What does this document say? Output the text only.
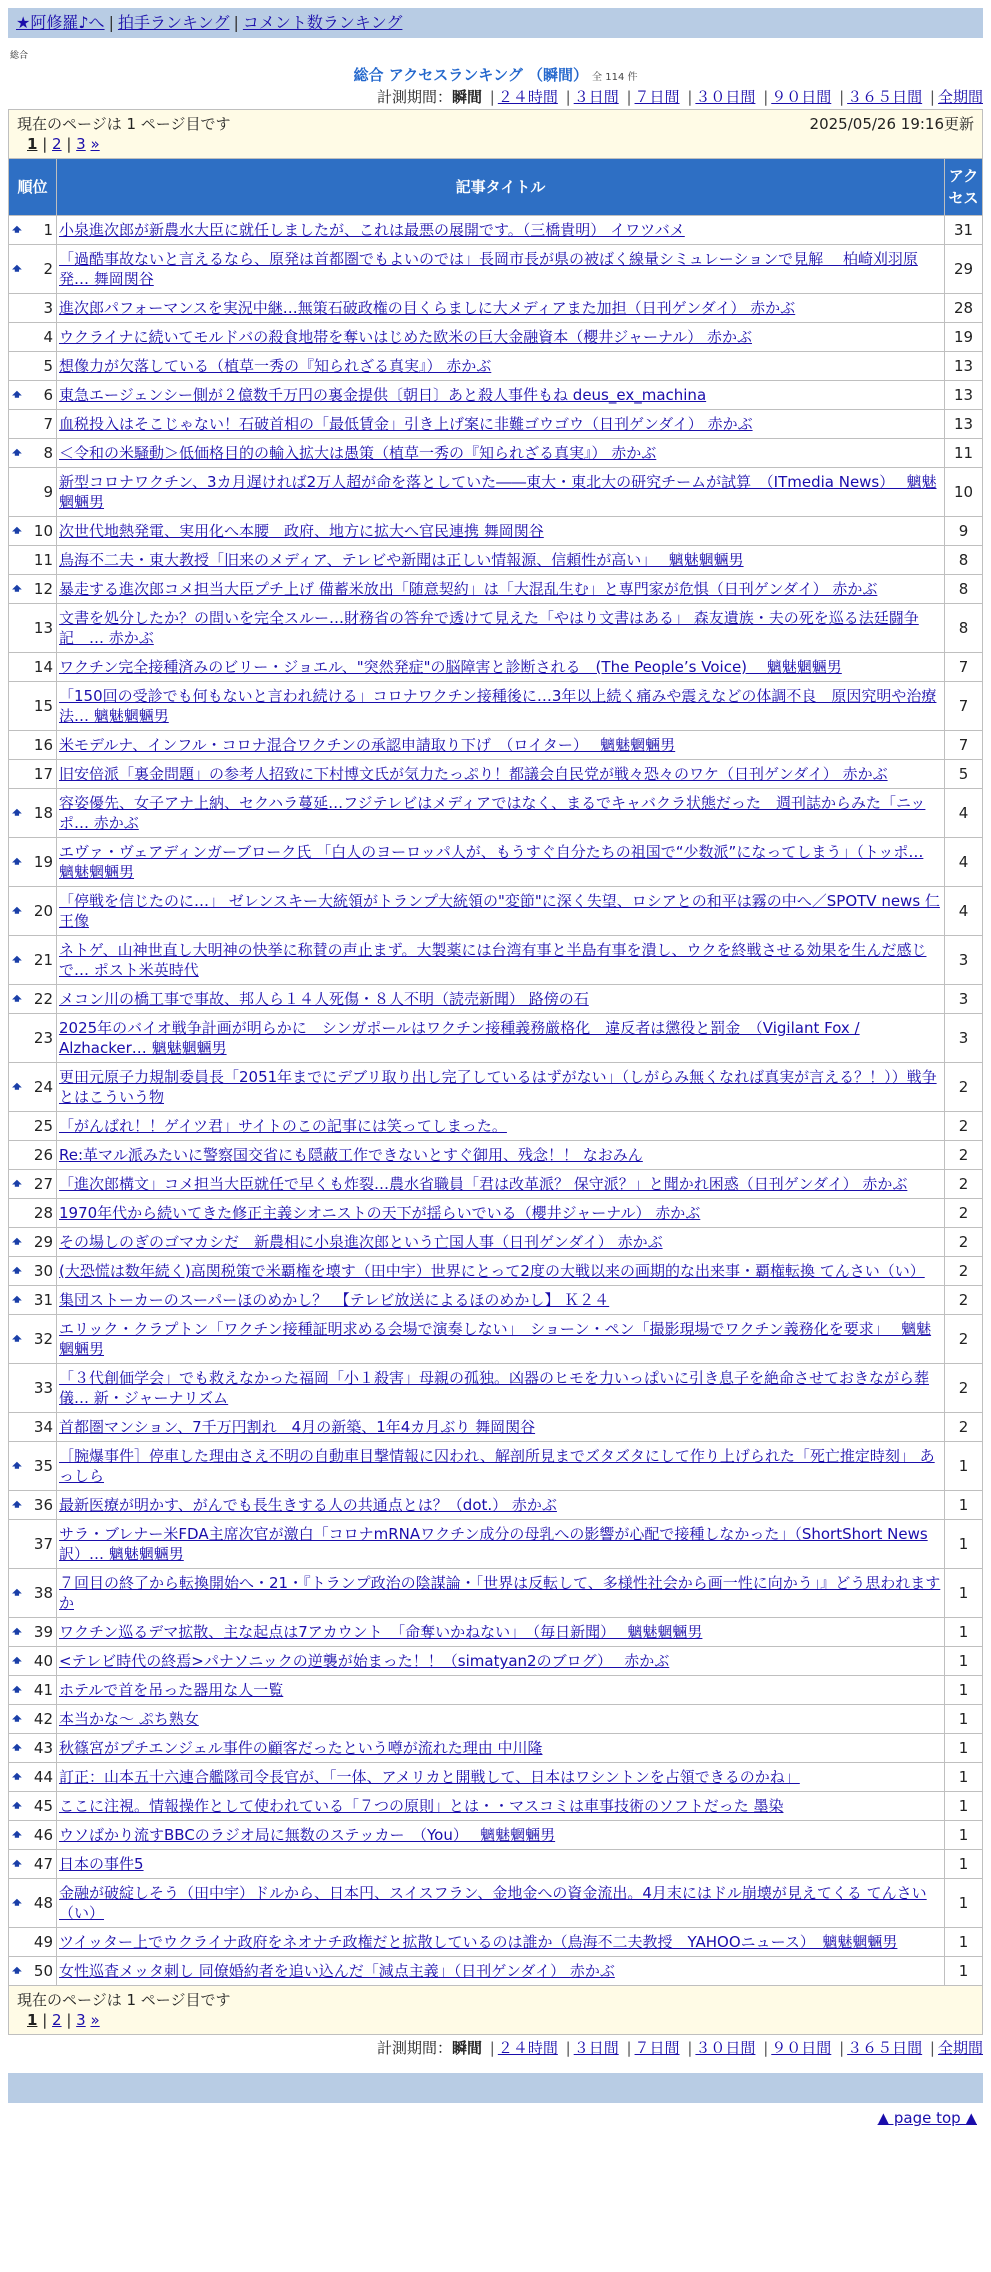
★阿修羅♪へ | 拍手ランキング | コメント数ランキング
総合
総合 アクセスランキング （瞬間） 全 114 件
計測期間：瞬間 | ２４時間 | ３日間 | ７日間 | ３０日間 | ９０日間 | ３６５日間 | 全期間
現在のページは 1 ページ目です 2025/05/26 19:16更新
1 | 2 | 3 »		

順位	記事タイトル	アクセス

🠹 1	小泉進次郎が新農水大臣に就任しましたが、これは最悪の展開です。（三橋貴明） イワツバメ	31

🠹 2	「過酷事故ないと言えるなら、原発は首都圏でもよいのでは」長岡市長が県の被ばく線量シミュレーションで見解　 柏崎刈羽原発… 舞岡関谷	29
3	進次郎パフォーマンスを実況中継…無策石破政権の目くらましに大メディアまた加担（日刊ゲンダイ） 赤かぶ	28
4	ウクライナに続いてモルドバの殺食地帯を奪いはじめた欧米の巨大金融資本（櫻井ジャーナル） 赤かぶ	19
5	想像力が欠落している（植草一秀の『知られざる真実』） 赤かぶ	13

🠹 6	東急エージェンシー側が２億数千万円の裏金提供〔朝日〕あと殺人事件もね deus_ex_machina	13
7	血税投入はそこじゃない！石破首相の「最低賃金」引き上げ案に非難ゴウゴウ（日刊ゲンダイ） 赤かぶ	13

🠹 8	＜令和の米騒動＞低価格目的の輸入拡大は愚策（植草一秀の『知られざる真実』） 赤かぶ	11
9	新型コロナワクチン、3カ月遅ければ2万人超が命を落としていた――東大・東北大の研究チームが試算　（ITmedia News）　 魑魅魍魎男	10

🠹 10	次世代地熱発電、実用化へ本腰　政府、地方に拡大へ官民連携 舞岡関谷	9
11	鳥海不二夫・東大教授「旧来のメディア、テレビや新聞は正しい情報源、信頼性が高い」　 魑魅魍魎男	8

🠹 12	暴走する進次郎コメ担当大臣プチ上げ 備蓄米放出「随意契約」は「大混乱生む」と専門家が危惧（日刊ゲンダイ） 赤かぶ	8
13	文書を処分したか？の問いを完全スルー…財務省の答弁で透けて見えた「やはり文書はある」 森友遺族・夫の死を巡る法廷闘争記　… 赤かぶ	8
14	ワクチン完全接種済みのビリー・ジョエル、"突然発症"の脳障害と診断される　(The People’s Voice)　 魑魅魍魎男	7
15	「150回の受診でも何もないと言われ続ける」コロナワクチン接種後に…3年以上続く痛みや震えなどの体調不良　原因究明や治療法… 魑魅魍魎男	7
16	米モデルナ、インフル・コロナ混合ワクチンの承認申請取り下げ　（ロイター）　 魑魅魍魎男	7
17	旧安倍派「裏金問題」の参考人招致に下村博文氏が気力たっぷり！都議会自民党が戦々恐々のワケ（日刊ゲンダイ） 赤かぶ	5

🠹 18	容姿優先、女子アナ上納、セクハラ蔓延…フジテレビはメディアではなく、まるでキャバクラ状態だった　週刊誌からみた「ニッポ… 赤かぶ	4

🠹 19	エヴァ・ヴェアディンガーブローク氏 「白人のヨーロッパ人が、もうすぐ自分たちの祖国で“少数派”になってしまう」（トッポ… 魑魅魍魎男	4

🠹 20	「停戦を信じたのに…」 ゼレンスキー大統領がトランプ大統領の"変節"に深く失望、ロシアとの和平は霧の中へ／SPOTV news 仁王像	4

🠹 21	ネトゲ、山神世直し大明神の快挙に称賛の声止まず。大製薬には台湾有事と半島有事を潰し、ウクを終戦させる効果を生んだ感じで… ポスト米英時代	3

🠹 22	メコン川の橋工事で事故、邦人ら１４人死傷・８人不明（読売新聞） 路傍の石	3
23	2025年のバイオ戦争計画が明らかに　シンガポールはワクチン接種義務厳格化　違反者は懲役と罰金　（Vigilant Fox / Alzhacker… 魑魅魍魎男	3

🠹 24	更田元原子力規制委員長「2051年までにデブリ取り出し完了しているはずがない」（しがらみ無くなれば真実が言える？！））戦争とはこういう物	2
25	「がんばれ！！ゲイツ君」サイトのこの記事には笑ってしまった。	2
26	Re:革マル派みたいに警察国交省にも隠蔽工作できないとすぐ御用、残念！！ なおみん	2

🠹 27	「進次郎構文」コメ担当大臣就任で早くも炸裂…農水省職員「君は改革派？ 保守派？」と聞かれ困惑（日刊ゲンダイ） 赤かぶ	2
28	1970年代から続いてきた修正主義シオニストの天下が揺らいでいる（櫻井ジャーナル） 赤かぶ	2

🠹 29	その場しのぎのゴマカシだ　新農相に小泉進次郎という亡国人事（日刊ゲンダイ） 赤かぶ	2

🠹 30	(大恐慌は数年続く)高関税策で米覇権を壊す（田中宇）世界にとって2度の大戦以来の画期的な出来事・覇権転換 てんさい（い）	2

🠹 31	集団ストーカーのスーパーほのめかし？　【テレビ放送によるほのめかし】 Ｋ２４	2

🠹 32	エリック・クラプトン「ワクチン接種証明求める会場で演奏しない」　ショーン・ペン「撮影現場でワクチン義務化を要求」　 魑魅魍魎男	2
33	「３代創価学会」でも救えなかった福岡「小１殺害」母親の孤独。凶器のヒモを力いっぱいに引き息子を絶命させておきながら葬儀… 新・ジャーナリズム	2
34	首都圏マンション、7千万円割れ　4月の新築、1年4カ月ぶり 舞岡関谷	2

🠹 35	［腕爆事件］停車した理由さえ不明の自動車目撃情報に囚われ、解剖所見までズタズタにして作り上げられた「死亡推定時刻」 あっしら	1

🠹 36	最新医療が明かす、がんでも長生きする人の共通点とは？（dot.） 赤かぶ	1
37	サラ・ブレナー米FDA主席次官が激白「コロナmRNAワクチン成分の母乳への影響が心配で接種しなかった」（ShortShort News訳）… 魑魅魍魎男	1

🠹 38	７回目の終了から転換開始へ・21・『トランプ政治の陰謀論・「世界は反転して、多様性社会から画一性に向かう」』どう思われますか	1

🠹 39	ワクチン巡るデマ拡散、主な起点は7アカウント　「命奪いかねない」　（毎日新聞）　 魑魅魍魎男	1

🠹 40	<テレビ時代の終焉>パナソニックの逆襲が始まった！！（simatyan2のブログ）　 赤かぶ	1

🠹 41	ホテルで首を吊った器用な人一覧	1

🠹 42	本当かな～ ぷち熟女	1

🠹 43	秋篠宮がプチエンジェル事件の顧客だったという噂が流れた理由 中川隆	1

🠹 44	訂正：山本五十六連合艦隊司令長官が、「一体、アメリカと開戦して、日本はワシントンを占領できるのかね」	1

🠹 45	ここに注視。情報操作として使われている「７つの原則」とは・・マスコミは車事技術のソフトだった 墨染	1

🠹 46	ウソばかり流すBBCのラジオ局に無数のステッカー　（You）　 魑魅魍魎男	1

🠹 47	日本の事件5	1

🠹 48	金融が破綻しそう（田中宇）ドルから、日本円、スイスフラン、金地金への資金流出。4月末にはドル崩壊が見えてくる てんさい（い）	1
49	ツイッター上でウクライナ政府をネオナチ政権だと拡散しているのは誰か（鳥海不二夫教授　YAHOOニュース）　魑魅魍魎男	1

🠹 50	女性巡査メッタ刺し 同僚婚約者を追い込んだ「減点主義」（日刊ゲンダイ） 赤かぶ	1
現在のページは 1 ページ目です
1 | 2 | 3 »		
計測期間：瞬間 | ２４時間 | ３日間 | ７日間 | ３０日間 | ９０日間 | ３６５日間 | 全期間
▲ page top ▲
